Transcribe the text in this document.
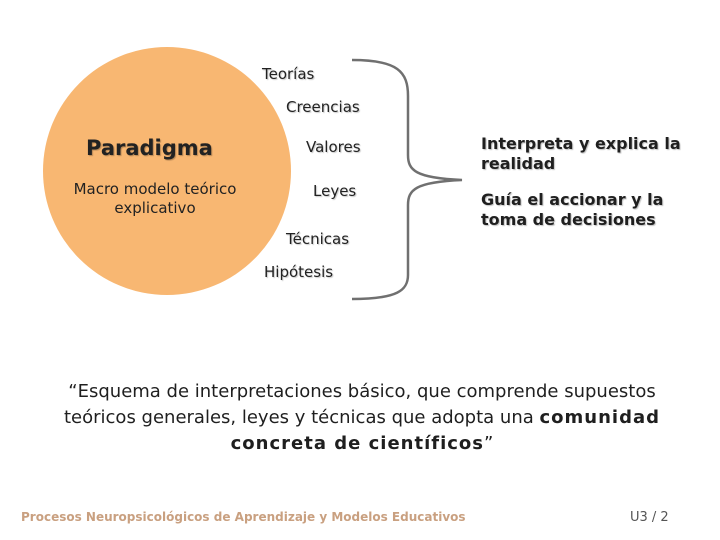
Paradigma
Macro modelo teórico explicativo
Teorías
Creencias
Valores
Leyes
Técnicas
Hipótesis
Interpreta y explica la realidad
Guía el accionar y la toma de decisiones
“Esquema de interpretaciones básico, que comprende supuestos teóricos generales, leyes y técnicas que adopta una comunidad concreta de científicos”
Procesos Neuropsicológicos de Aprendizaje y Modelos Educativos	U3 / 2
